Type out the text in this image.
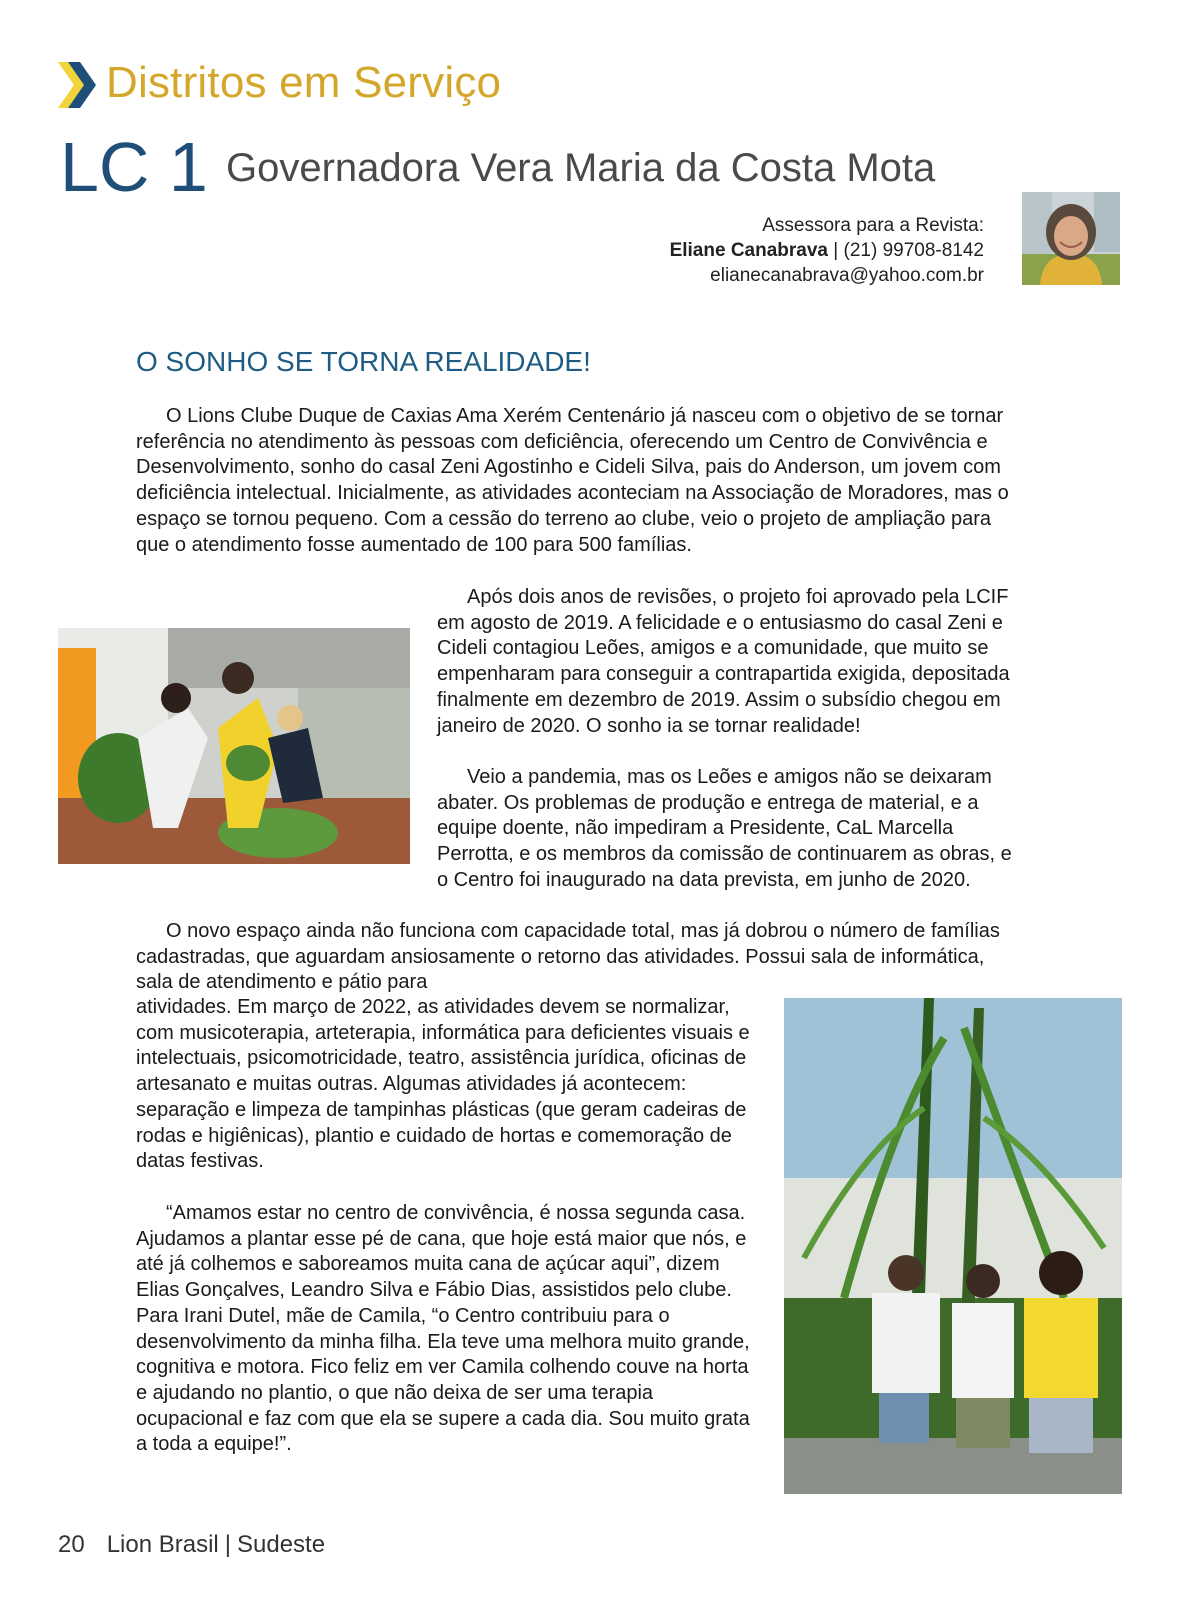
Distritos em Serviço
LC 1 Governadora Vera Maria da Costa Mota
Assessora para a Revista:
Eliane Canabrava | (21) 99708-8142
elianecanabrava@yahoo.com.br
O SONHO SE TORNA REALIDADE!

O Lions Clube Duque de Caxias Ama Xerém Centenário já nasceu com o objetivo de se tornar referência no atendimento às pessoas com deficiência, oferecendo um Centro de Convivência e Desenvolvimento, sonho do casal Zeni Agostinho e Cideli Silva, pais do Anderson, um jovem com deficiência intelectual. Inicialmente, as atividades aconteciam na Associação de Moradores, mas o espaço se tornou pequeno. Com a cessão do terreno ao clube, veio o projeto de ampliação para que o atendimento fosse aumentado de 100 para 500 famílias.

Após dois anos de revisões, o projeto foi aprovado pela LCIF em agosto de 2019. A felicidade e o entusiasmo do casal Zeni e Cideli contagiou Leões, amigos e a comunidade, que muito se empenharam para conseguir a contrapartida exigida, depositada finalmente em dezembro de 2019. Assim o subsídio chegou em janeiro de 2020. O sonho ia se tornar realidade!

Veio a pandemia, mas os Leões e amigos não se deixaram abater. Os problemas de produção e entrega de material, e a equipe doente, não impediram a Presidente, CaL Marcella Perrotta, e os membros da comissão de continuarem as obras, e o Centro foi inaugurado na data prevista, em junho de 2020.

O novo espaço ainda não funciona com capacidade total, mas já dobrou o número de famílias cadastradas, que aguardam ansiosamente o retorno das atividades. Possui sala de informática, sala de atendimento e pátio para

atividades. Em março de 2022, as atividades devem se normalizar, com musicoterapia, arteterapia, informática para deficientes visuais e intelectuais, psicomotricidade, teatro, assistência jurídica, oficinas de artesanato e muitas outras. Algumas atividades já acontecem: separação e limpeza de tampinhas plásticas (que geram cadeiras de rodas e higiênicas), plantio e cuidado de hortas e comemoração de datas festivas.

“Amamos estar no centro de convivência, é nossa segunda casa. Ajudamos a plantar esse pé de cana, que hoje está maior que nós, e até já colhemos e saboreamos muita cana de açúcar aqui”, dizem Elias Gonçalves, Leandro Silva e Fábio Dias, assistidos pelo clube. Para Irani Dutel, mãe de Camila, “o Centro contribuiu para o desenvolvimento da minha filha. Ela teve uma melhora muito grande, cognitiva e motora. Fico feliz em ver Camila colhendo couve na horta e ajudando no plantio, o que não deixa de ser uma terapia ocupacional e faz com que ela se supere a cada dia. Sou muito grata a toda a equipe!”.

20 Lion Brasil | Sudeste
